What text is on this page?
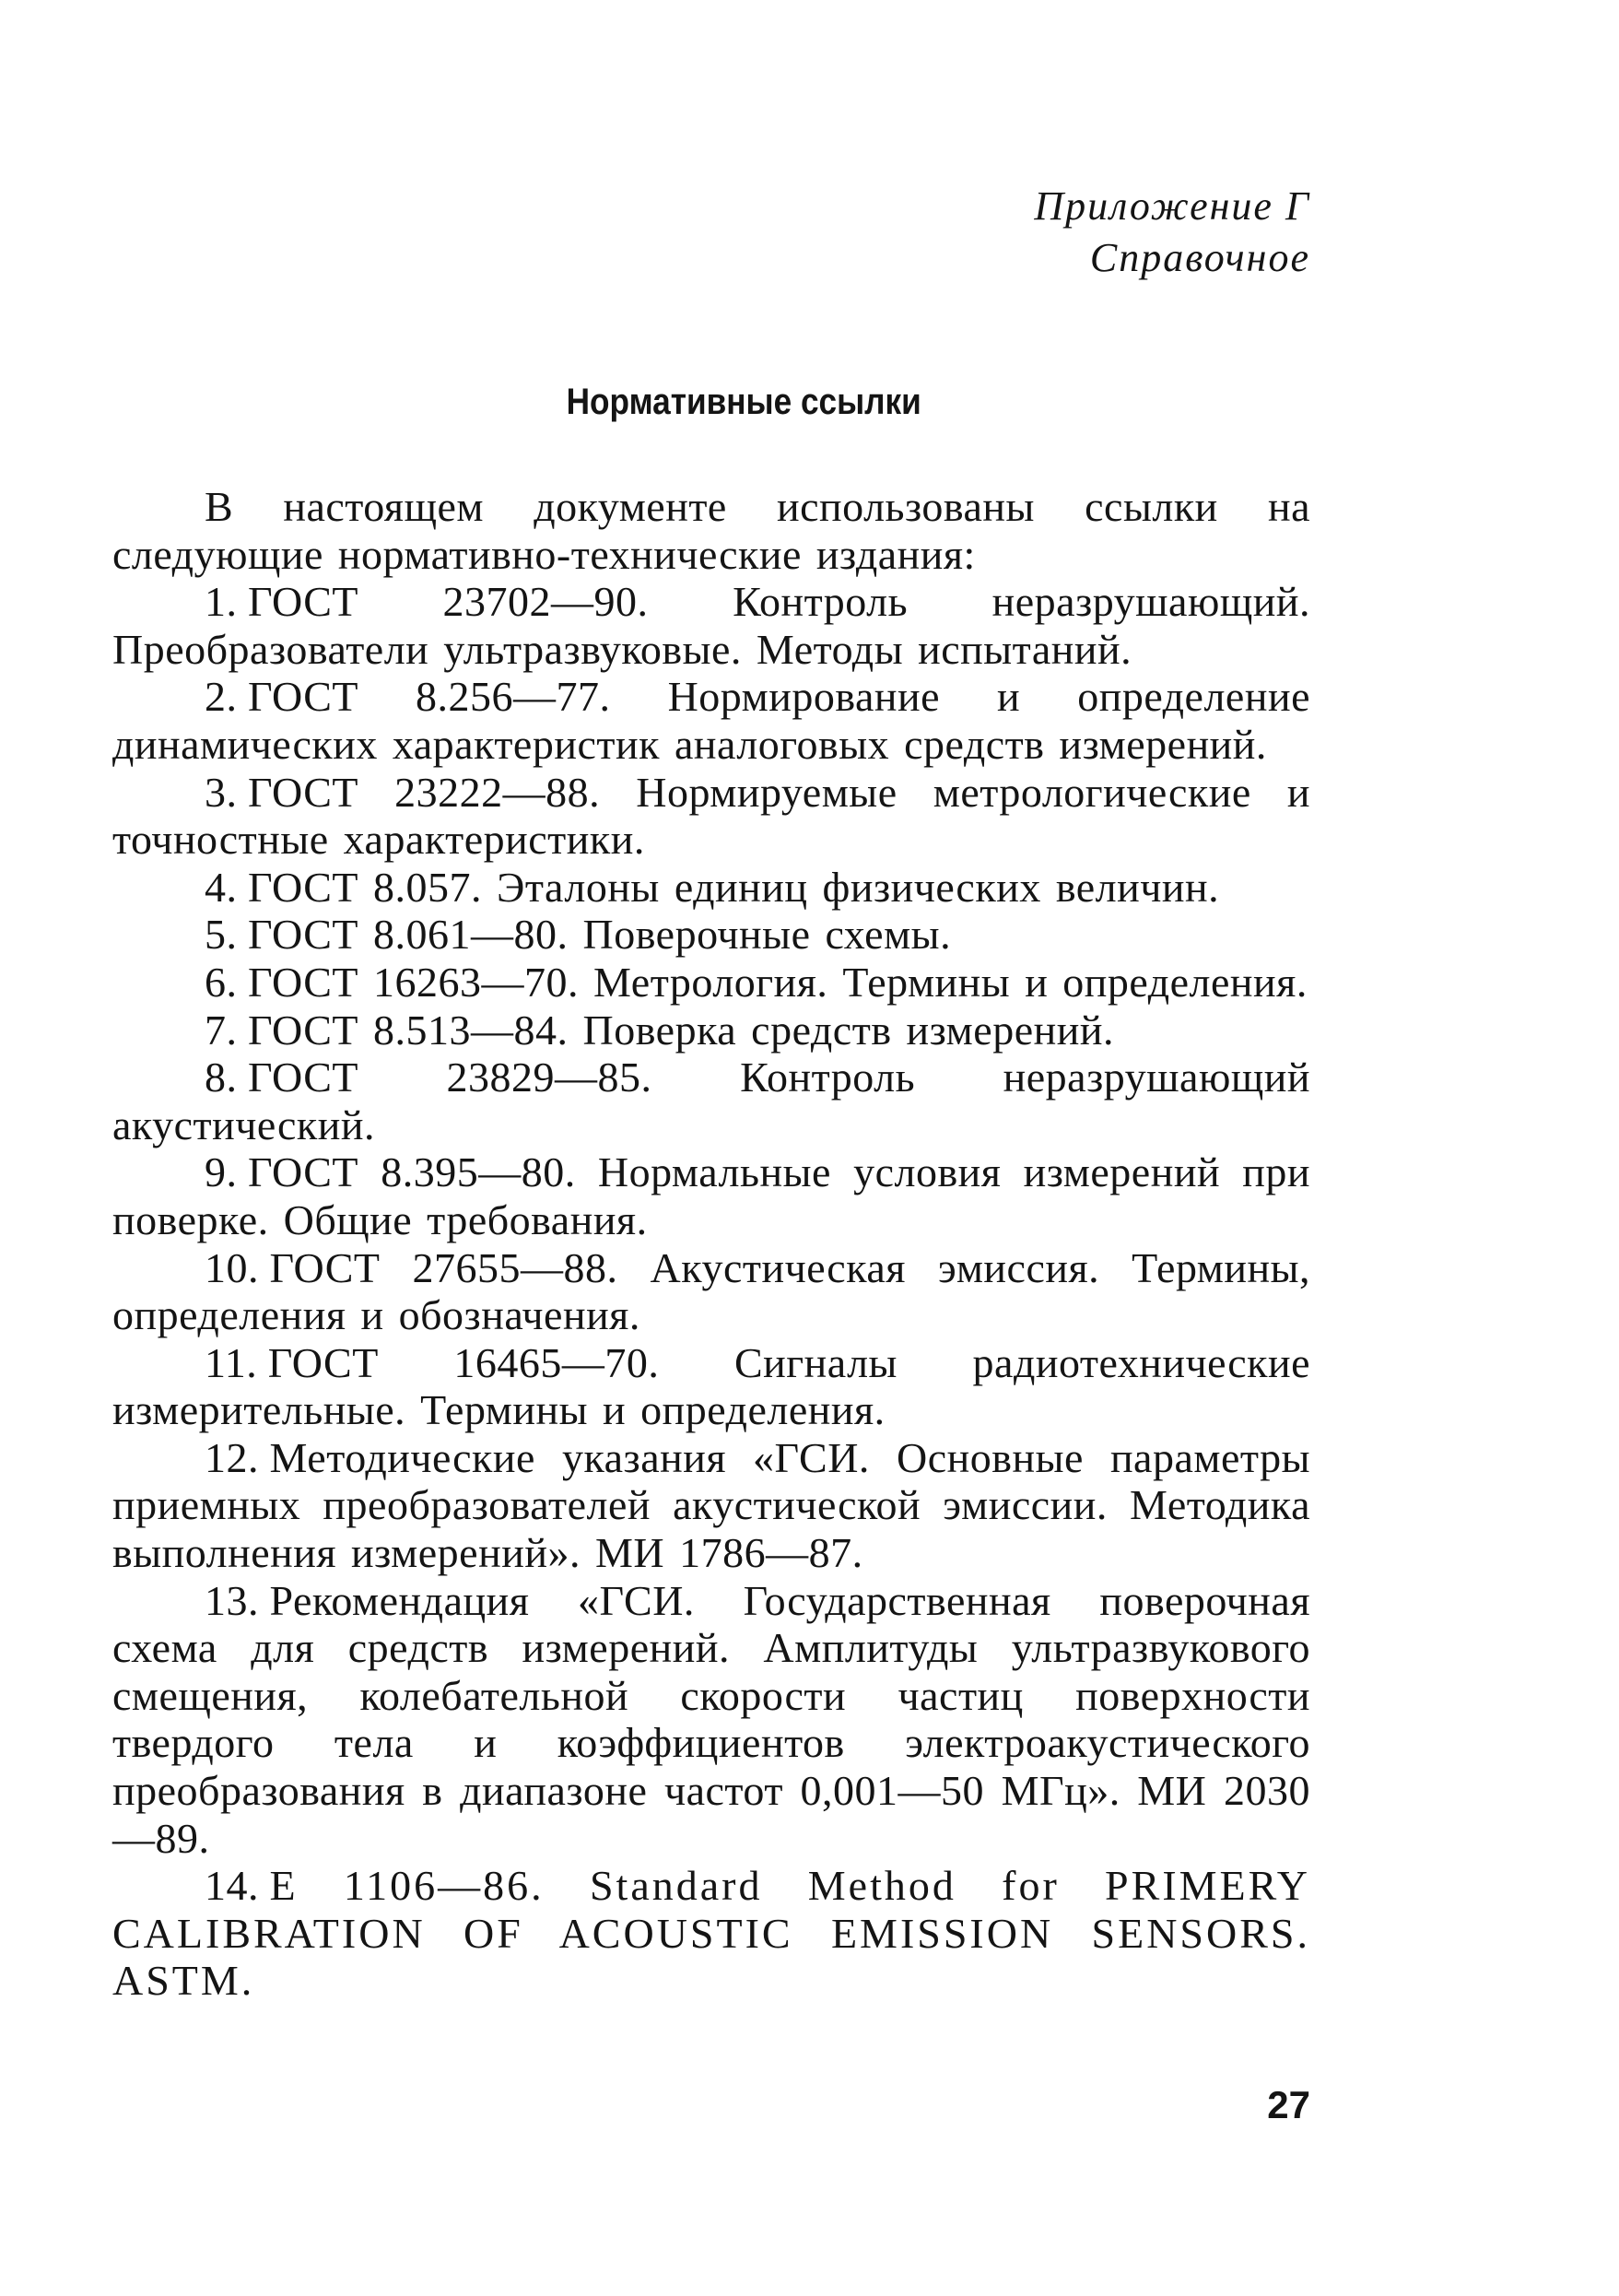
Приложение Г
Справочное
Нормативные ссылки

В настоящем документе использованы ссылки на следующие нормативно-технические издания:

1. ГОСТ 23702—90. Контроль неразрушающий. Преобразователи ультразвуковые. Методы испытаний.

2. ГОСТ 8.256—77. Нормирование и определение динамических характеристик аналоговых средств измерений.

3. ГОСТ 23222—88. Нормируемые метрологические и точностные характеристики.

4. ГОСТ 8.057. Эталоны единиц физических величин.

5. ГОСТ 8.061—80. Поверочные схемы.

6. ГОСТ 16263—70. Метрология. Термины и определения.

7. ГОСТ 8.513—84. Поверка средств измерений.

8. ГОСТ 23829—85. Контроль неразрушающий акустический.

9. ГОСТ 8.395—80. Нормальные условия измерений при поверке. Общие требования.

10. ГОСТ 27655—88. Акустическая эмиссия. Термины, определения и обозначения.

11. ГОСТ 16465—70. Сигналы радиотехнические измерительные. Термины и определения.

12. Методические указания «ГСИ. Основные параметры приемных преобразователей акустической эмиссии. Методика выполнения измерений». МИ 1786—87.

13. Рекомендация «ГСИ. Государственная поверочная схема для средств измерений. Амплитуды ультразвукового смещения, колебательной скорости частиц поверхности твердого тела и коэффициентов электроакустического преобразования в диапазоне частот 0,001—50 МГц». МИ 2030—89.

14. E 1106—86. Standard Method for PRIMERY CALIBRATION OF ACOUSTIC EMISSION SENSORS. ASTM.

27
